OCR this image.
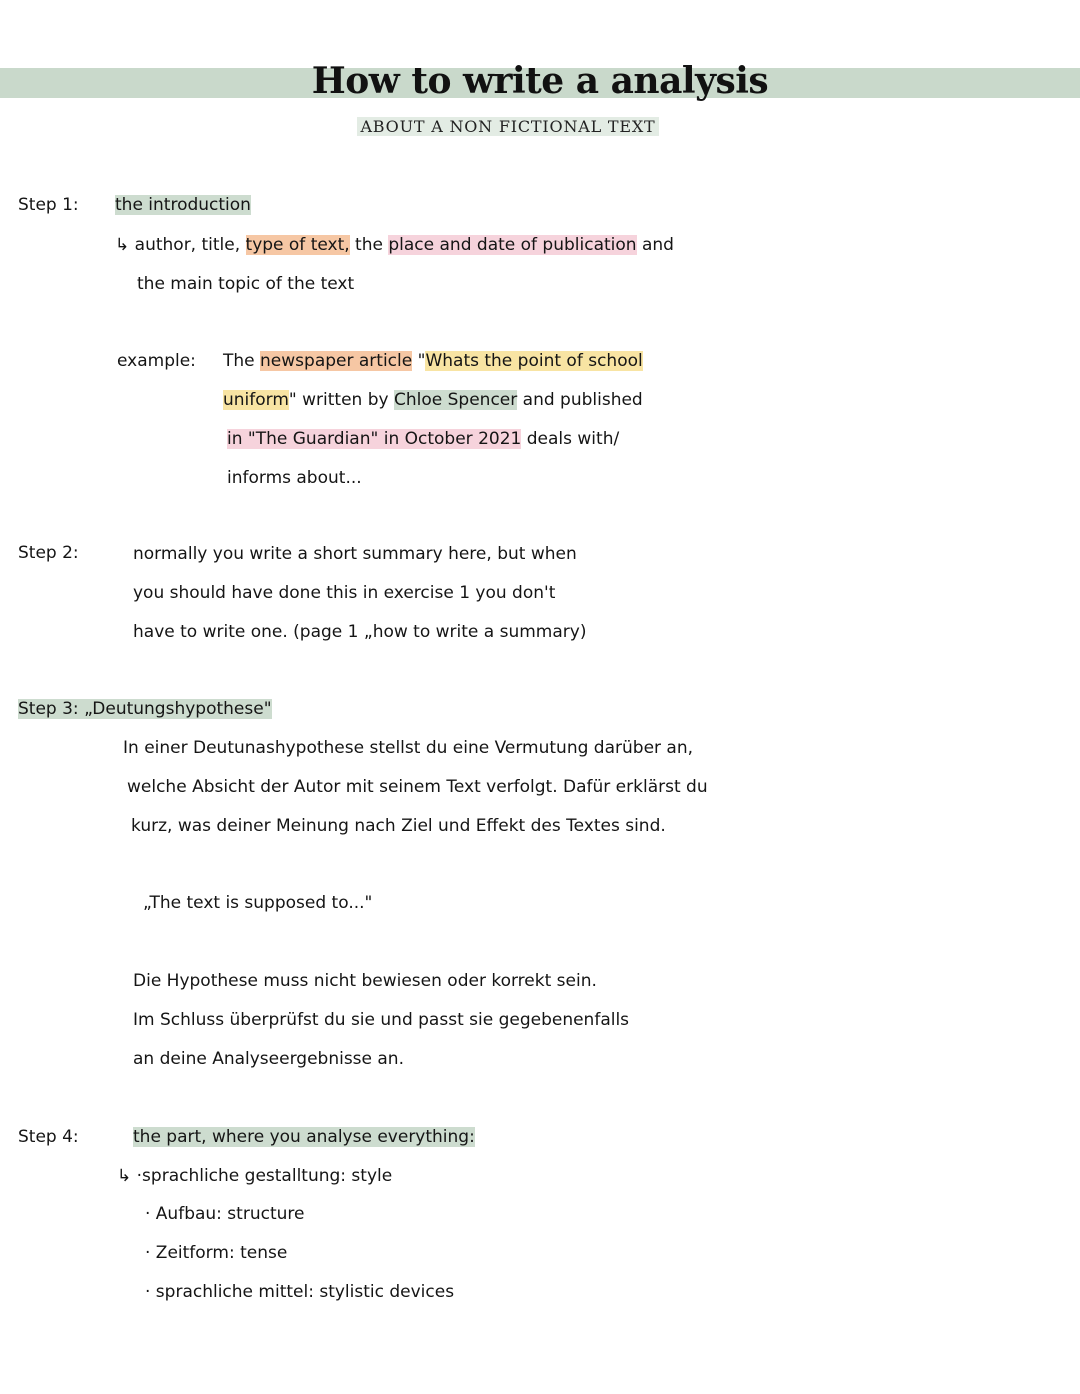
How to write a analysis
ABOUT A NON FICTIONAL TEXT
Step 1: the introduction
↳ author, title, type of text, the place and date of publication and
the main topic of the text
example: The newspaper article "Whats the point of school
uniform" written by Chloe Spencer and published
in "The Guardian" in October 2021 deals with/
informs about...
Step 2:	normally you write a short summary here, but when
you should have done this in exercise 1 you don't
have to write one. (page 1 „how to write a summary)
Step 3: „Deutungshypothese"
In einer Deutunashypothese stellst du eine Vermutung darüber an,
welche Absicht der Autor mit seinem Text verfolgt. Dafür erklärst du
kurz, was deiner Meinung nach Ziel und Effekt des Textes sind.
„The text is supposed to..."
Die Hypothese muss nicht bewiesen oder korrekt sein.
Im Schluss überprüfst du sie und passt sie gegebenenfalls
an deine Analyseergebnisse an.
Step 4:	the part, where you analyse everything:
↳ ·sprachliche gestalltung: style
· Aufbau: structure
· Zeitform: tense
· sprachliche mittel: stylistic devices
